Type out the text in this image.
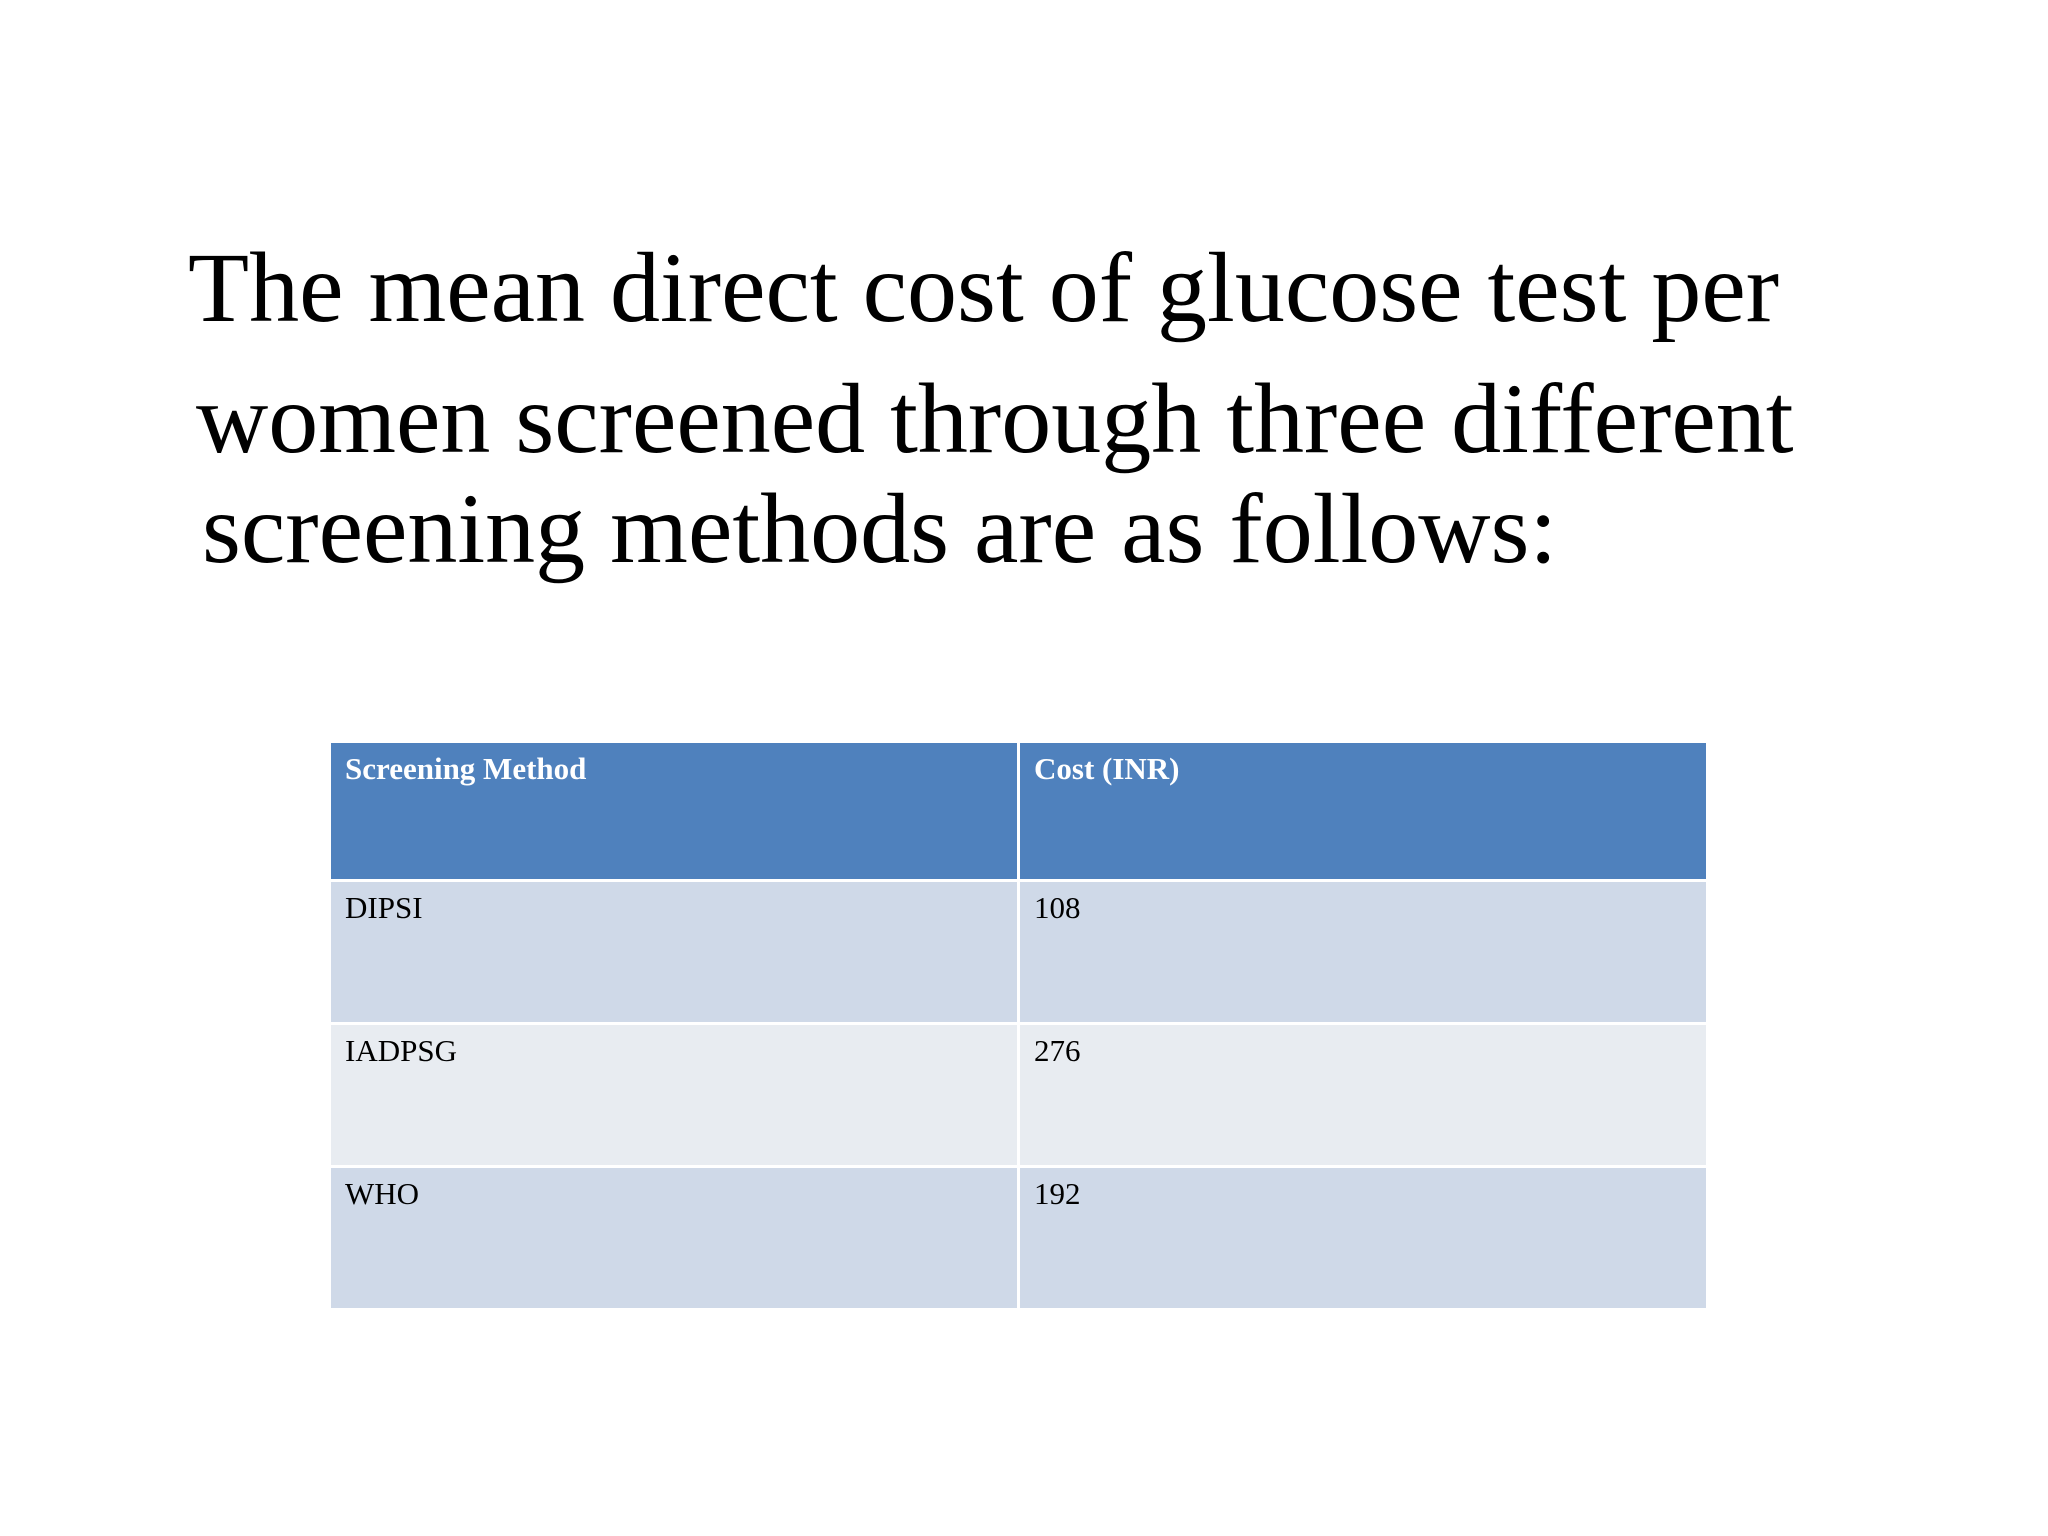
The mean direct cost of glucose test per
women screened through three different
screening methods are as follows:
Screening Method	Cost (INR)
DIPSI	108
IADPSG	276
WHO	192
